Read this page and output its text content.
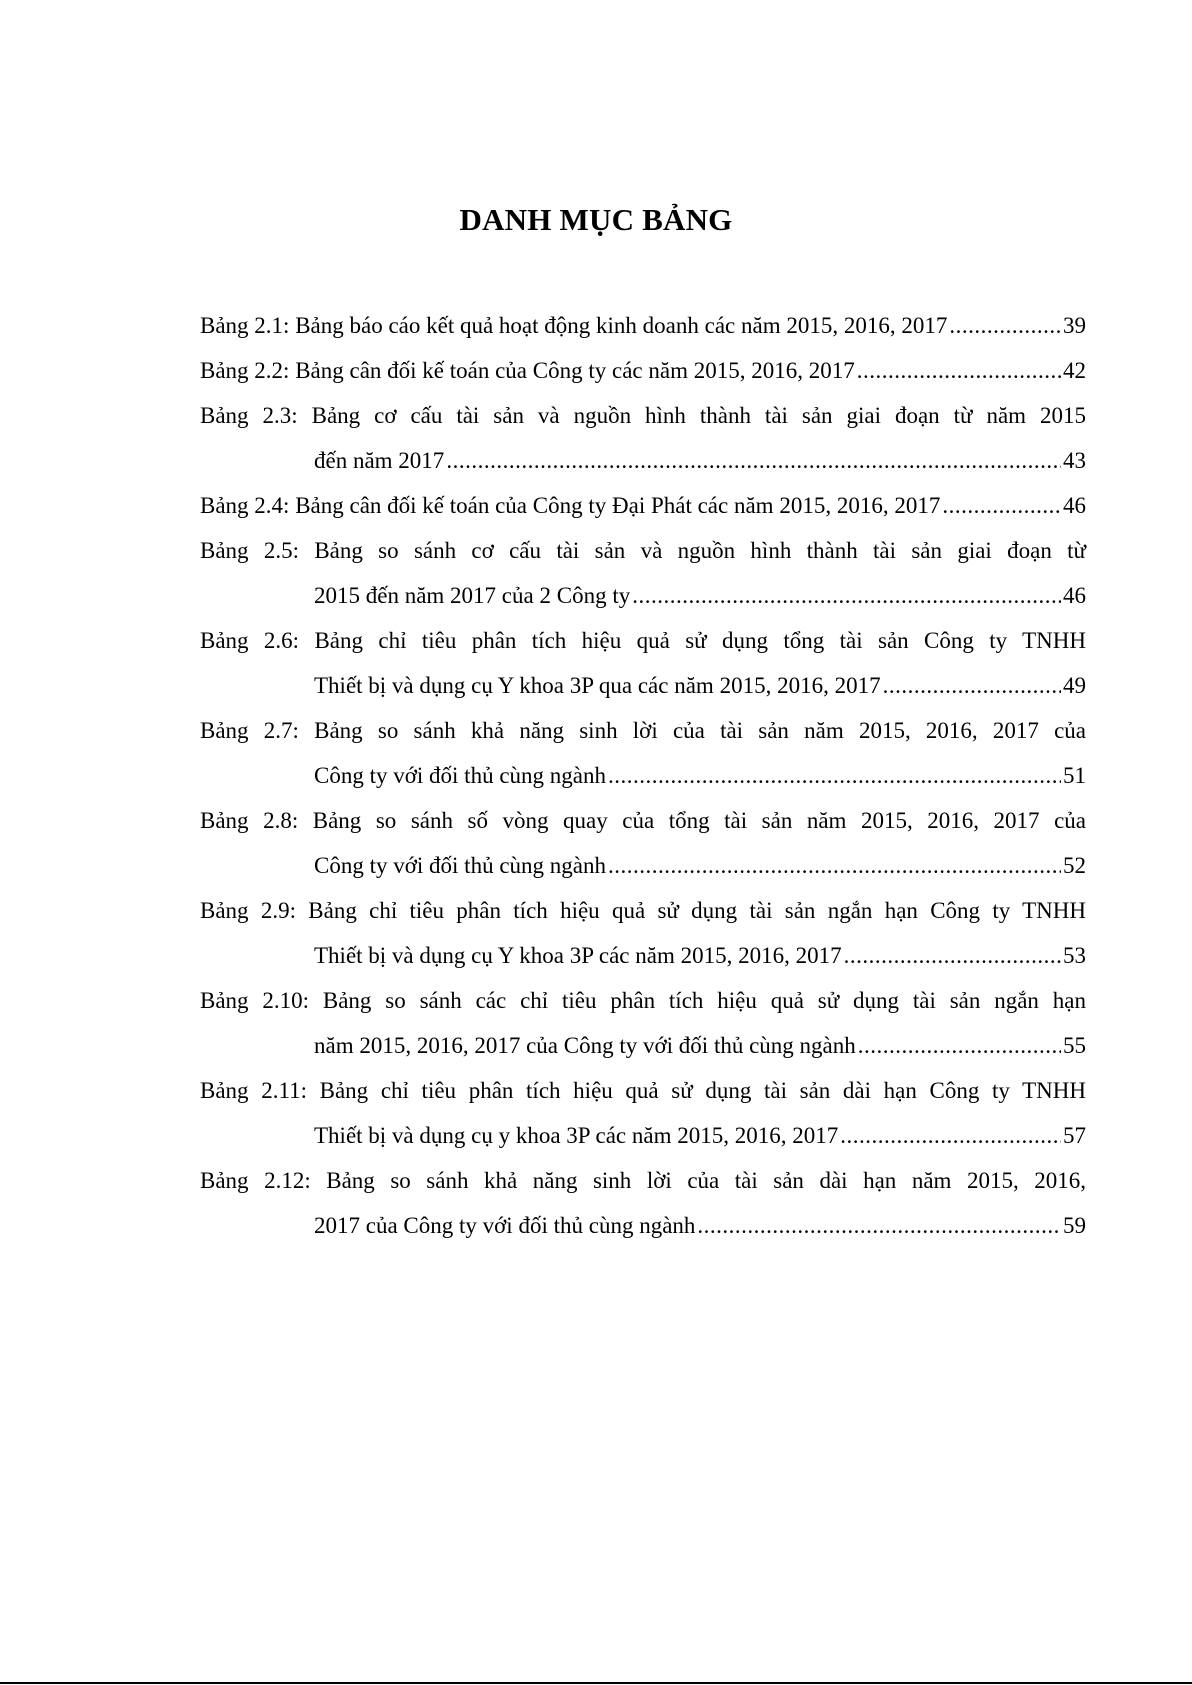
DANH MỤC BẢNG
Bảng 2.1: Bảng báo cáo kết quả hoạt động kinh doanh các năm 2015, 2016, 2017 .....	39
Bảng 2.2: Bảng cân đối kế toán của Công ty các năm 2015, 2016, 2017 .....	42
Bảng 2.3: Bảng cơ cấu tài sản và nguồn hình thành tài sản giai đoạn từ năm 2015
đến năm 2017 .....	43
Bảng 2.4: Bảng cân đối kế toán của Công ty Đại Phát các năm 2015, 2016, 2017 .....	46
Bảng 2.5: Bảng so sánh cơ cấu tài sản và nguồn hình thành tài sản giai đoạn từ
2015 đến năm 2017 của 2 Công ty .....	46
Bảng 2.6: Bảng chỉ tiêu phân tích hiệu quả sử dụng tổng tài sản Công ty TNHH
Thiết bị và dụng cụ Y khoa 3P qua các năm 2015, 2016, 2017 .....	49
Bảng 2.7: Bảng so sánh khả năng sinh lời của tài sản năm 2015, 2016, 2017 của
Công ty với đối thủ cùng ngành .....	51
Bảng 2.8: Bảng so sánh số vòng quay của tổng tài sản năm 2015, 2016, 2017 của
Công ty với đối thủ cùng ngành .....	52
Bảng 2.9: Bảng chỉ tiêu phân tích hiệu quả sử dụng tài sản ngắn hạn Công ty TNHH
Thiết bị và dụng cụ Y khoa 3P các năm 2015, 2016, 2017 .....	53
Bảng 2.10: Bảng so sánh các chỉ tiêu phân tích hiệu quả sử dụng tài sản ngắn hạn
năm 2015, 2016, 2017 của Công ty với đối thủ cùng ngành .....	55
Bảng 2.11: Bảng chỉ tiêu phân tích hiệu quả sử dụng tài sản dài hạn Công ty TNHH
Thiết bị và dụng cụ y khoa 3P các năm 2015, 2016, 2017 .....	57
Bảng 2.12: Bảng so sánh khả năng sinh lời của tài sản dài hạn năm 2015, 2016,
2017 của Công ty với đối thủ cùng ngành .....	59
